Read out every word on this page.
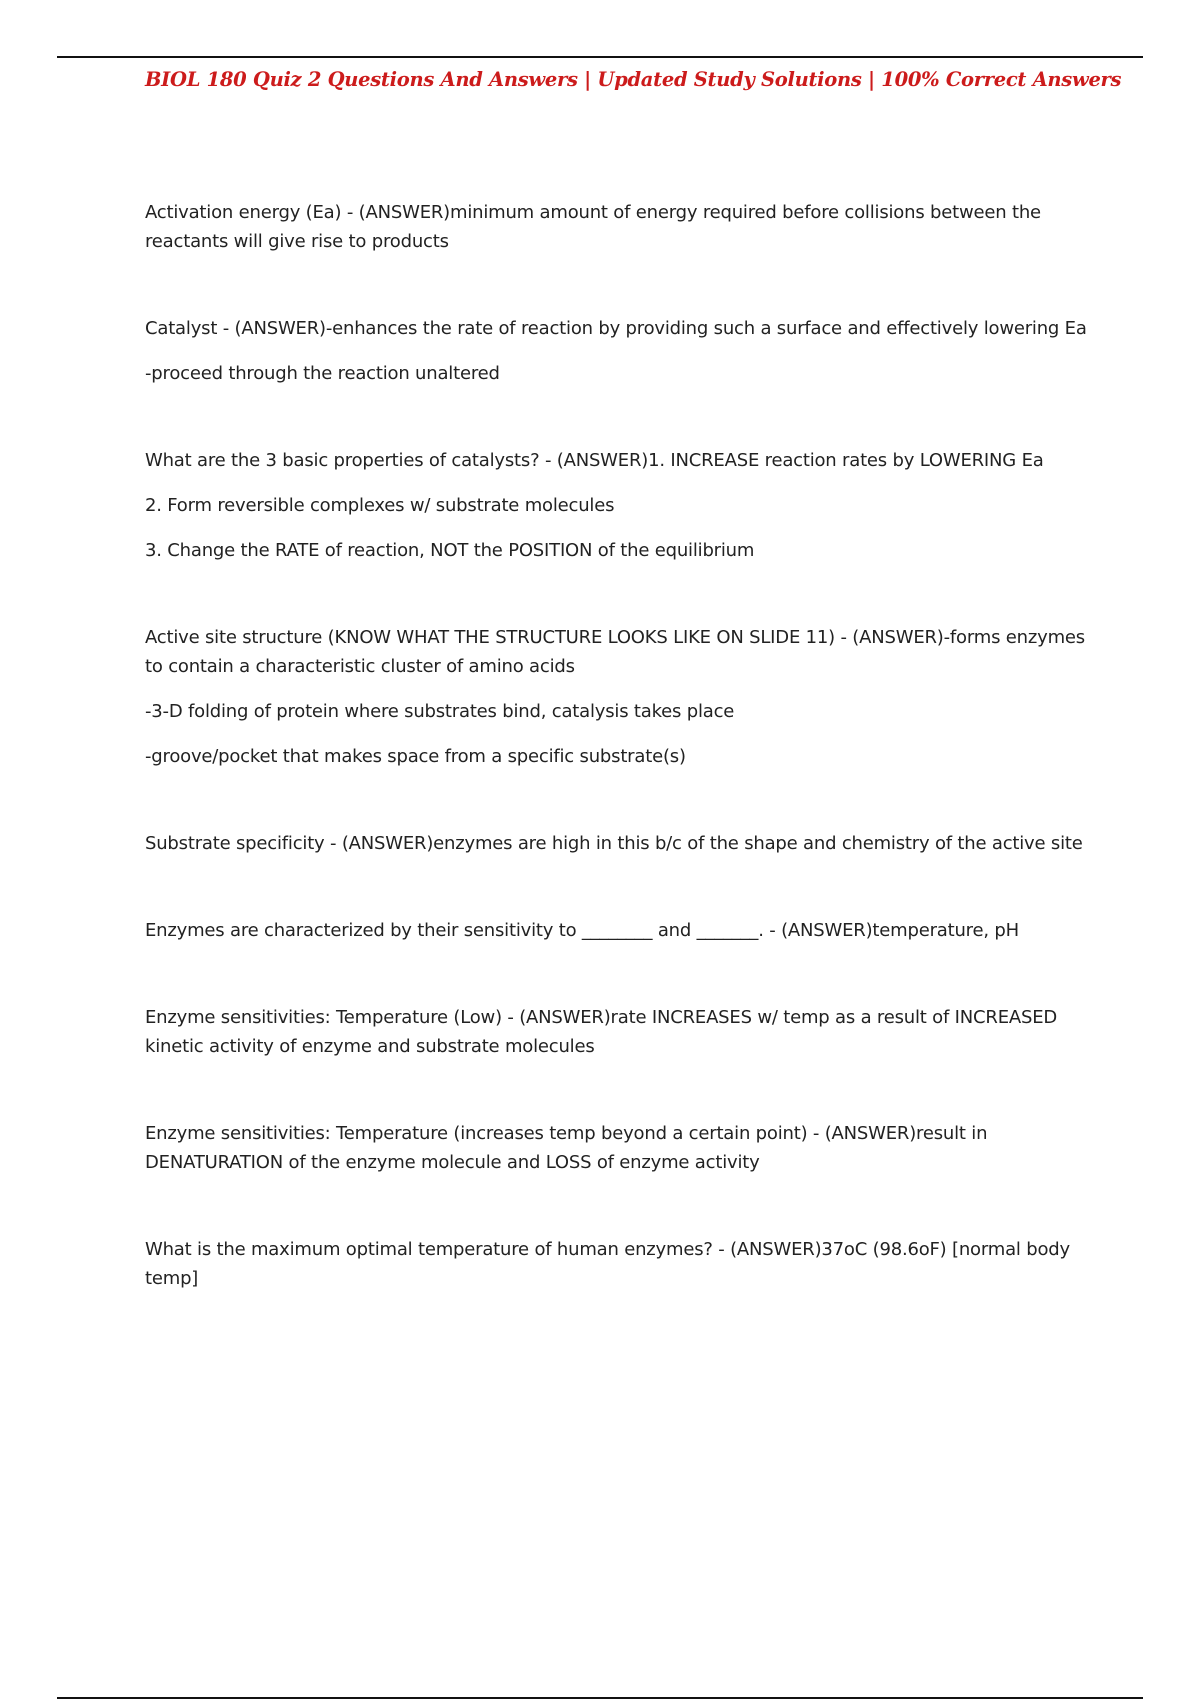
BIOL 180 Quiz 2 Questions And Answers | Updated Study Solutions | 100% Correct Answers

Activation energy (Ea) - (ANSWER)minimum amount of energy required before collisions between the reactants will give rise to products

Catalyst - (ANSWER)-enhances the rate of reaction by providing such a surface and effectively lowering Ea

-proceed through the reaction unaltered

What are the 3 basic properties of catalysts? - (ANSWER)1. INCREASE reaction rates by LOWERING Ea

2. Form reversible complexes w/ substrate molecules

3. Change the RATE of reaction, NOT the POSITION of the equilibrium

Active site structure (KNOW WHAT THE STRUCTURE LOOKS LIKE ON SLIDE 11) - (ANSWER)-forms enzymes to contain a characteristic cluster of amino acids

-3-D folding of protein where substrates bind, catalysis takes place

-groove/pocket that makes space from a specific substrate(s)

Substrate specificity - (ANSWER)enzymes are high in this b/c of the shape and chemistry of the active site

Enzymes are characterized by their sensitivity to ________ and _______. - (ANSWER)temperature, pH

Enzyme sensitivities: Temperature (Low) - (ANSWER)rate INCREASES w/ temp as a result of INCREASED kinetic activity of enzyme and substrate molecules

Enzyme sensitivities: Temperature (increases temp beyond a certain point) - (ANSWER)result in DENATURATION of the enzyme molecule and LOSS of enzyme activity

What is the maximum optimal temperature of human enzymes? - (ANSWER)37oC (98.6oF) [normal body temp]
